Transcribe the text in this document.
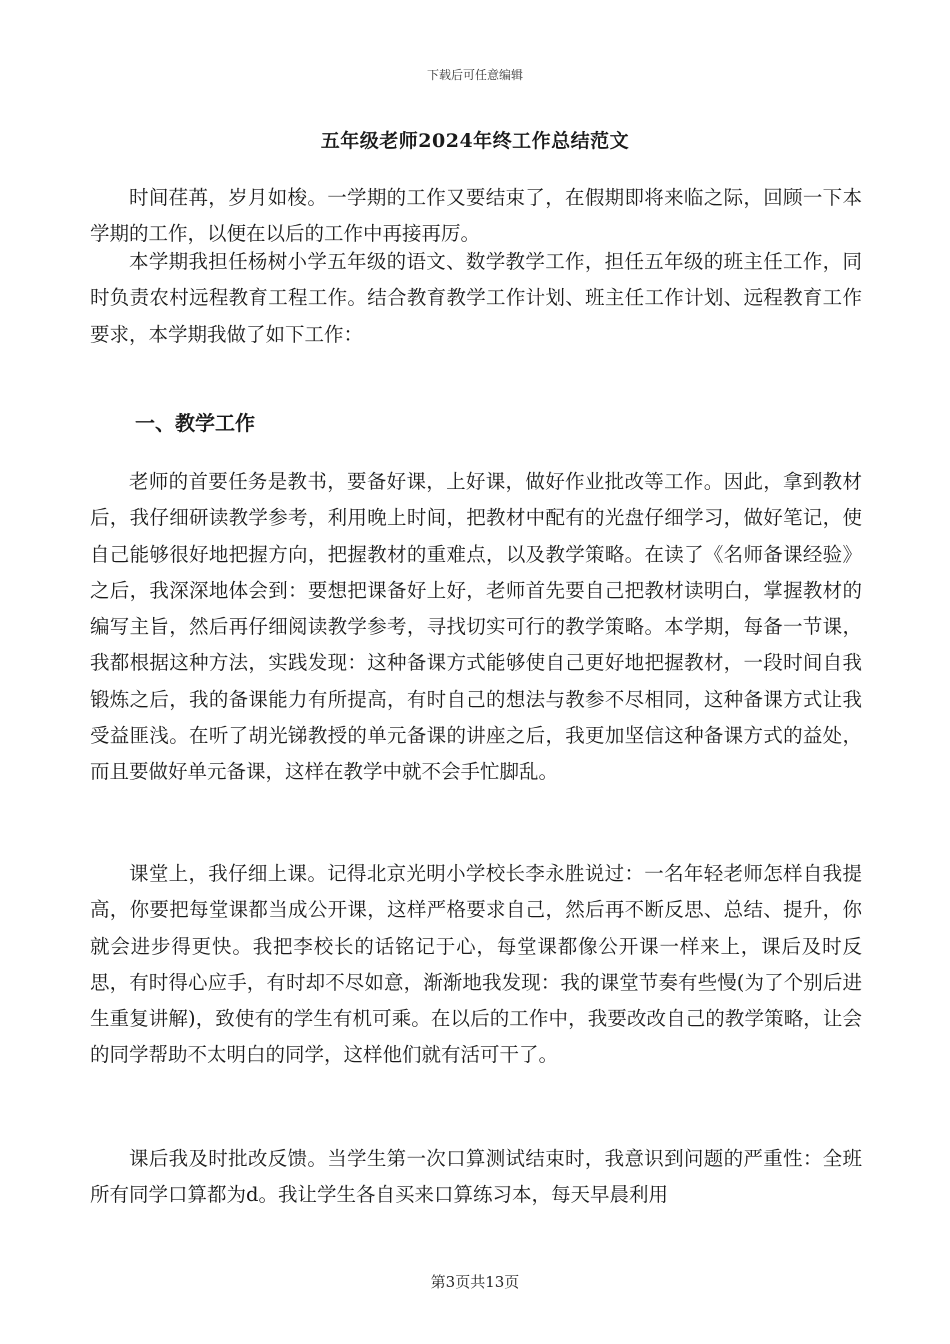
下载后可任意编辑
五年级老师2024年终工作总结范文

时间荏苒，岁月如梭。一学期的工作又要结束了，在假期即将来临之际，回顾一下本学期的工作，以便在以后的工作中再接再厉。

本学期我担任杨树小学五年级的语文、数学教学工作，担任五年级的班主任工作，同时负责农村远程教育工程工作。结合教育教学工作计划、班主任工作计划、远程教育工作要求，本学期我做了如下工作：

一、教学工作

老师的首要任务是教书，要备好课，上好课，做好作业批改等工作。因此，拿到教材后，我仔细研读教学参考，利用晚上时间，把教材中配有的光盘仔细学习，做好笔记，使自己能够很好地把握方向，把握教材的重难点，以及教学策略。在读了《名师备课经验》之后，我深深地体会到：要想把课备好上好，老师首先要自己把教材读明白，掌握教材的编写主旨，然后再仔细阅读教学参考，寻找切实可行的教学策略。本学期，每备一节课，我都根据这种方法，实践发现：这种备课方式能够使自己更好地把握教材，一段时间自我锻炼之后，我的备课能力有所提高，有时自己的想法与教参不尽相同，这种备课方式让我受益匪浅。在听了胡光锑教授的单元备课的讲座之后，我更加坚信这种备课方式的益处，而且要做好单元备课，这样在教学中就不会手忙脚乱。

课堂上，我仔细上课。记得北京光明小学校长李永胜说过：一名年轻老师怎样自我提高，你要把每堂课都当成公开课，这样严格要求自己，然后再不断反思、总结、提升，你就会进步得更快。我把李校长的话铭记于心，每堂课都像公开课一样来上，课后及时反思，有时得心应手，有时却不尽如意，渐渐地我发现：我的课堂节奏有些慢(为了个别后进生重复讲解)，致使有的学生有机可乘。在以后的工作中，我要改改自己的教学策略，让会的同学帮助不太明白的同学，这样他们就有活可干了。

课后我及时批改反馈。当学生第一次口算测试结束时，我意识到问题的严重性：全班所有同学口算都为d。我让学生各自买来口算练习本，每天早晨利用

第3页共13页
